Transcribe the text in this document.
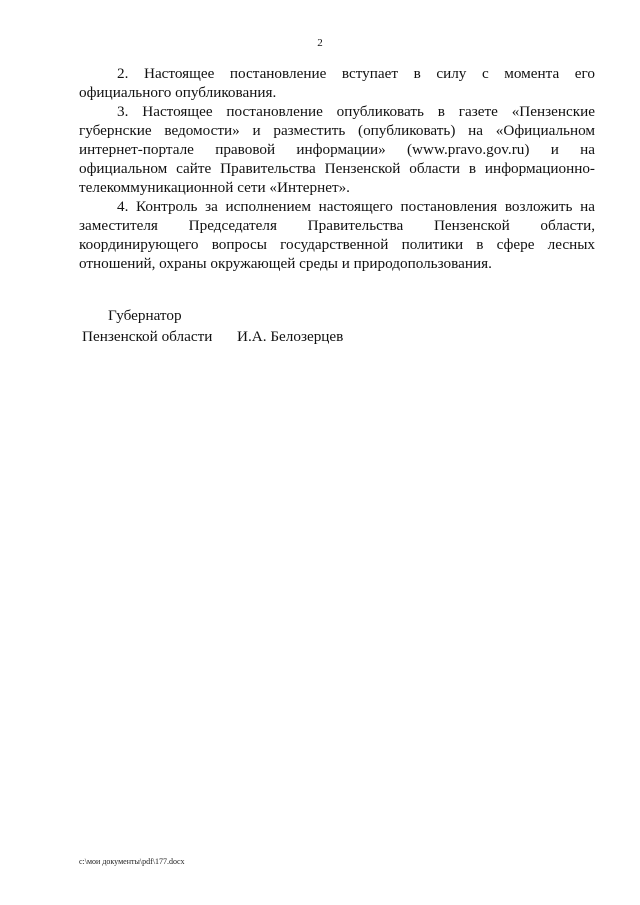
2

2. Настоящее постановление вступает в силу с момента его официального опубликования.

3. Настоящее постановление опубликовать в газете «Пензенские губернские ведомости» и разместить (опубликовать) на «Официальном интернет-портале правовой информации» (www.pravo.gov.ru) и на официальном сайте Правительства Пензенской области в информационно-телекоммуникационной сети «Интернет».

4. Контроль за исполнением настоящего постановления возложить на заместителя Председателя Правительства Пензенской области, координирующего вопросы государственной политики в сфере лесных отношений, охраны окружающей среды и природопользования.

Губернатор
Пензенской области И.А. Белозерцев
c:\мои документы\pdf\177.docx
